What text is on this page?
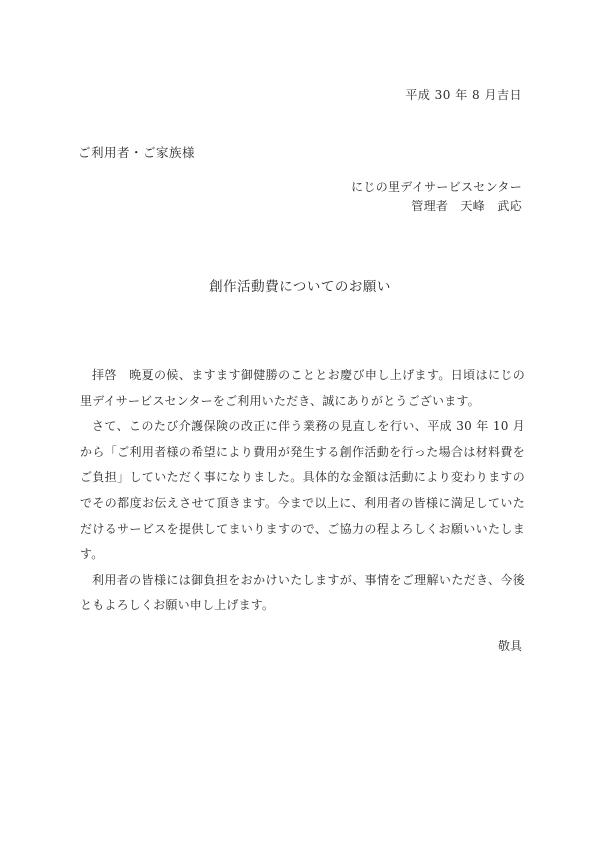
平成 30 年 8 月吉日
ご利用者・ご家族様
にじの里デイサービスセンター
管理者　天峰　武応
創作活動費についてのお願い

拝啓　晩夏の候、ますます御健勝のこととお慶び申し上げます。日頃はにじの里デイサービスセンターをご利用いただき、誠にありがとうございます。

さて、このたび介護保険の改正に伴う業務の見直しを行い、平成 30 年 10 月から「ご利用者様の希望により費用が発生する創作活動を行った場合は材料費をご負担」していただく事になりました。具体的な金額は活動により変わりますのでその都度お伝えさせて頂きます。今まで以上に、利用者の皆様に満足していただけるサービスを提供してまいりますので、ご協力の程よろしくお願いいたします。

利用者の皆様には御負担をおかけいたしますが、事情をご理解いただき、今後ともよろしくお願い申し上げます。

敬具
